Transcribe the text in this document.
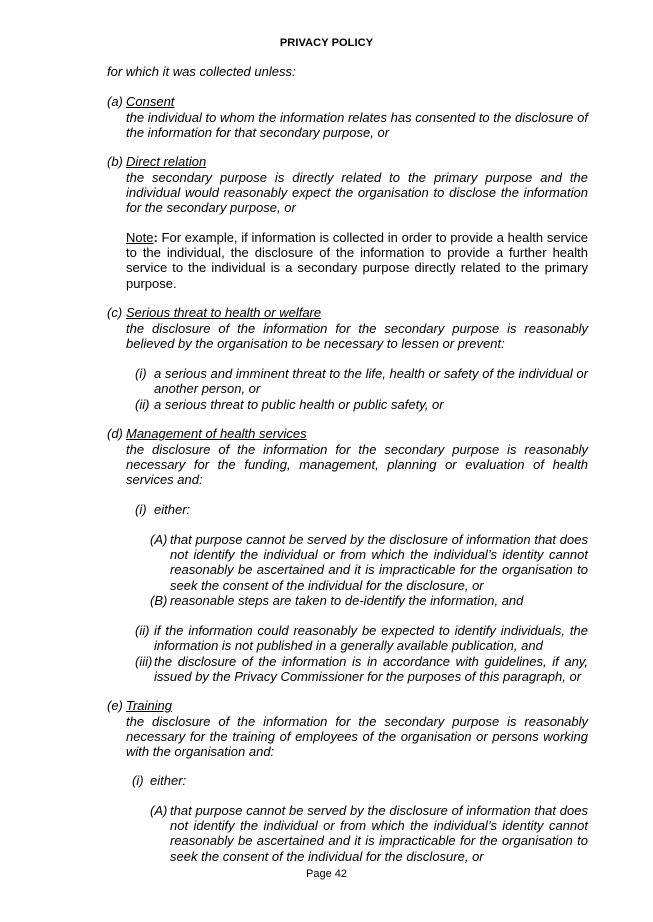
PRIVACY POLICY
for which it was collected unless:
(a) Consent
the individual to whom the information relates has consented to the disclosure of the information for that secondary purpose, or
(b) Direct relation
the secondary purpose is directly related to the primary purpose and the individual would reasonably expect the organisation to disclose the information for the secondary purpose, or
Note: For example, if information is collected in order to provide a health service to the individual, the disclosure of the information to provide a further health service to the individual is a secondary purpose directly related to the primary purpose.
(c) Serious threat to health or welfare
the disclosure of the information for the secondary purpose is reasonably believed by the organisation to be necessary to lessen or prevent:
(i) a serious and imminent threat to the life, health or safety of the individual or another person, or
(ii) a serious threat to public health or public safety, or
(d) Management of health services
the disclosure of the information for the secondary purpose is reasonably necessary for the funding, management, planning or evaluation of health services and:
(i) either:
(A) that purpose cannot be served by the disclosure of information that does not identify the individual or from which the individual’s identity cannot reasonably be ascertained and it is impracticable for the organisation to seek the consent of the individual for the disclosure, or
(B) reasonable steps are taken to de-identify the information, and
(ii) if the information could reasonably be expected to identify individuals, the information is not published in a generally available publication, and
(iii) the disclosure of the information is in accordance with guidelines, if any, issued by the Privacy Commissioner for the purposes of this paragraph, or
(e) Training
the disclosure of the information for the secondary purpose is reasonably necessary for the training of employees of the organisation or persons working with the organisation and:
(i) either:
(A) that purpose cannot be served by the disclosure of information that does not identify the individual or from which the individual’s identity cannot reasonably be ascertained and it is impracticable for the organisation to seek the consent of the individual for the disclosure, or
Page 42
